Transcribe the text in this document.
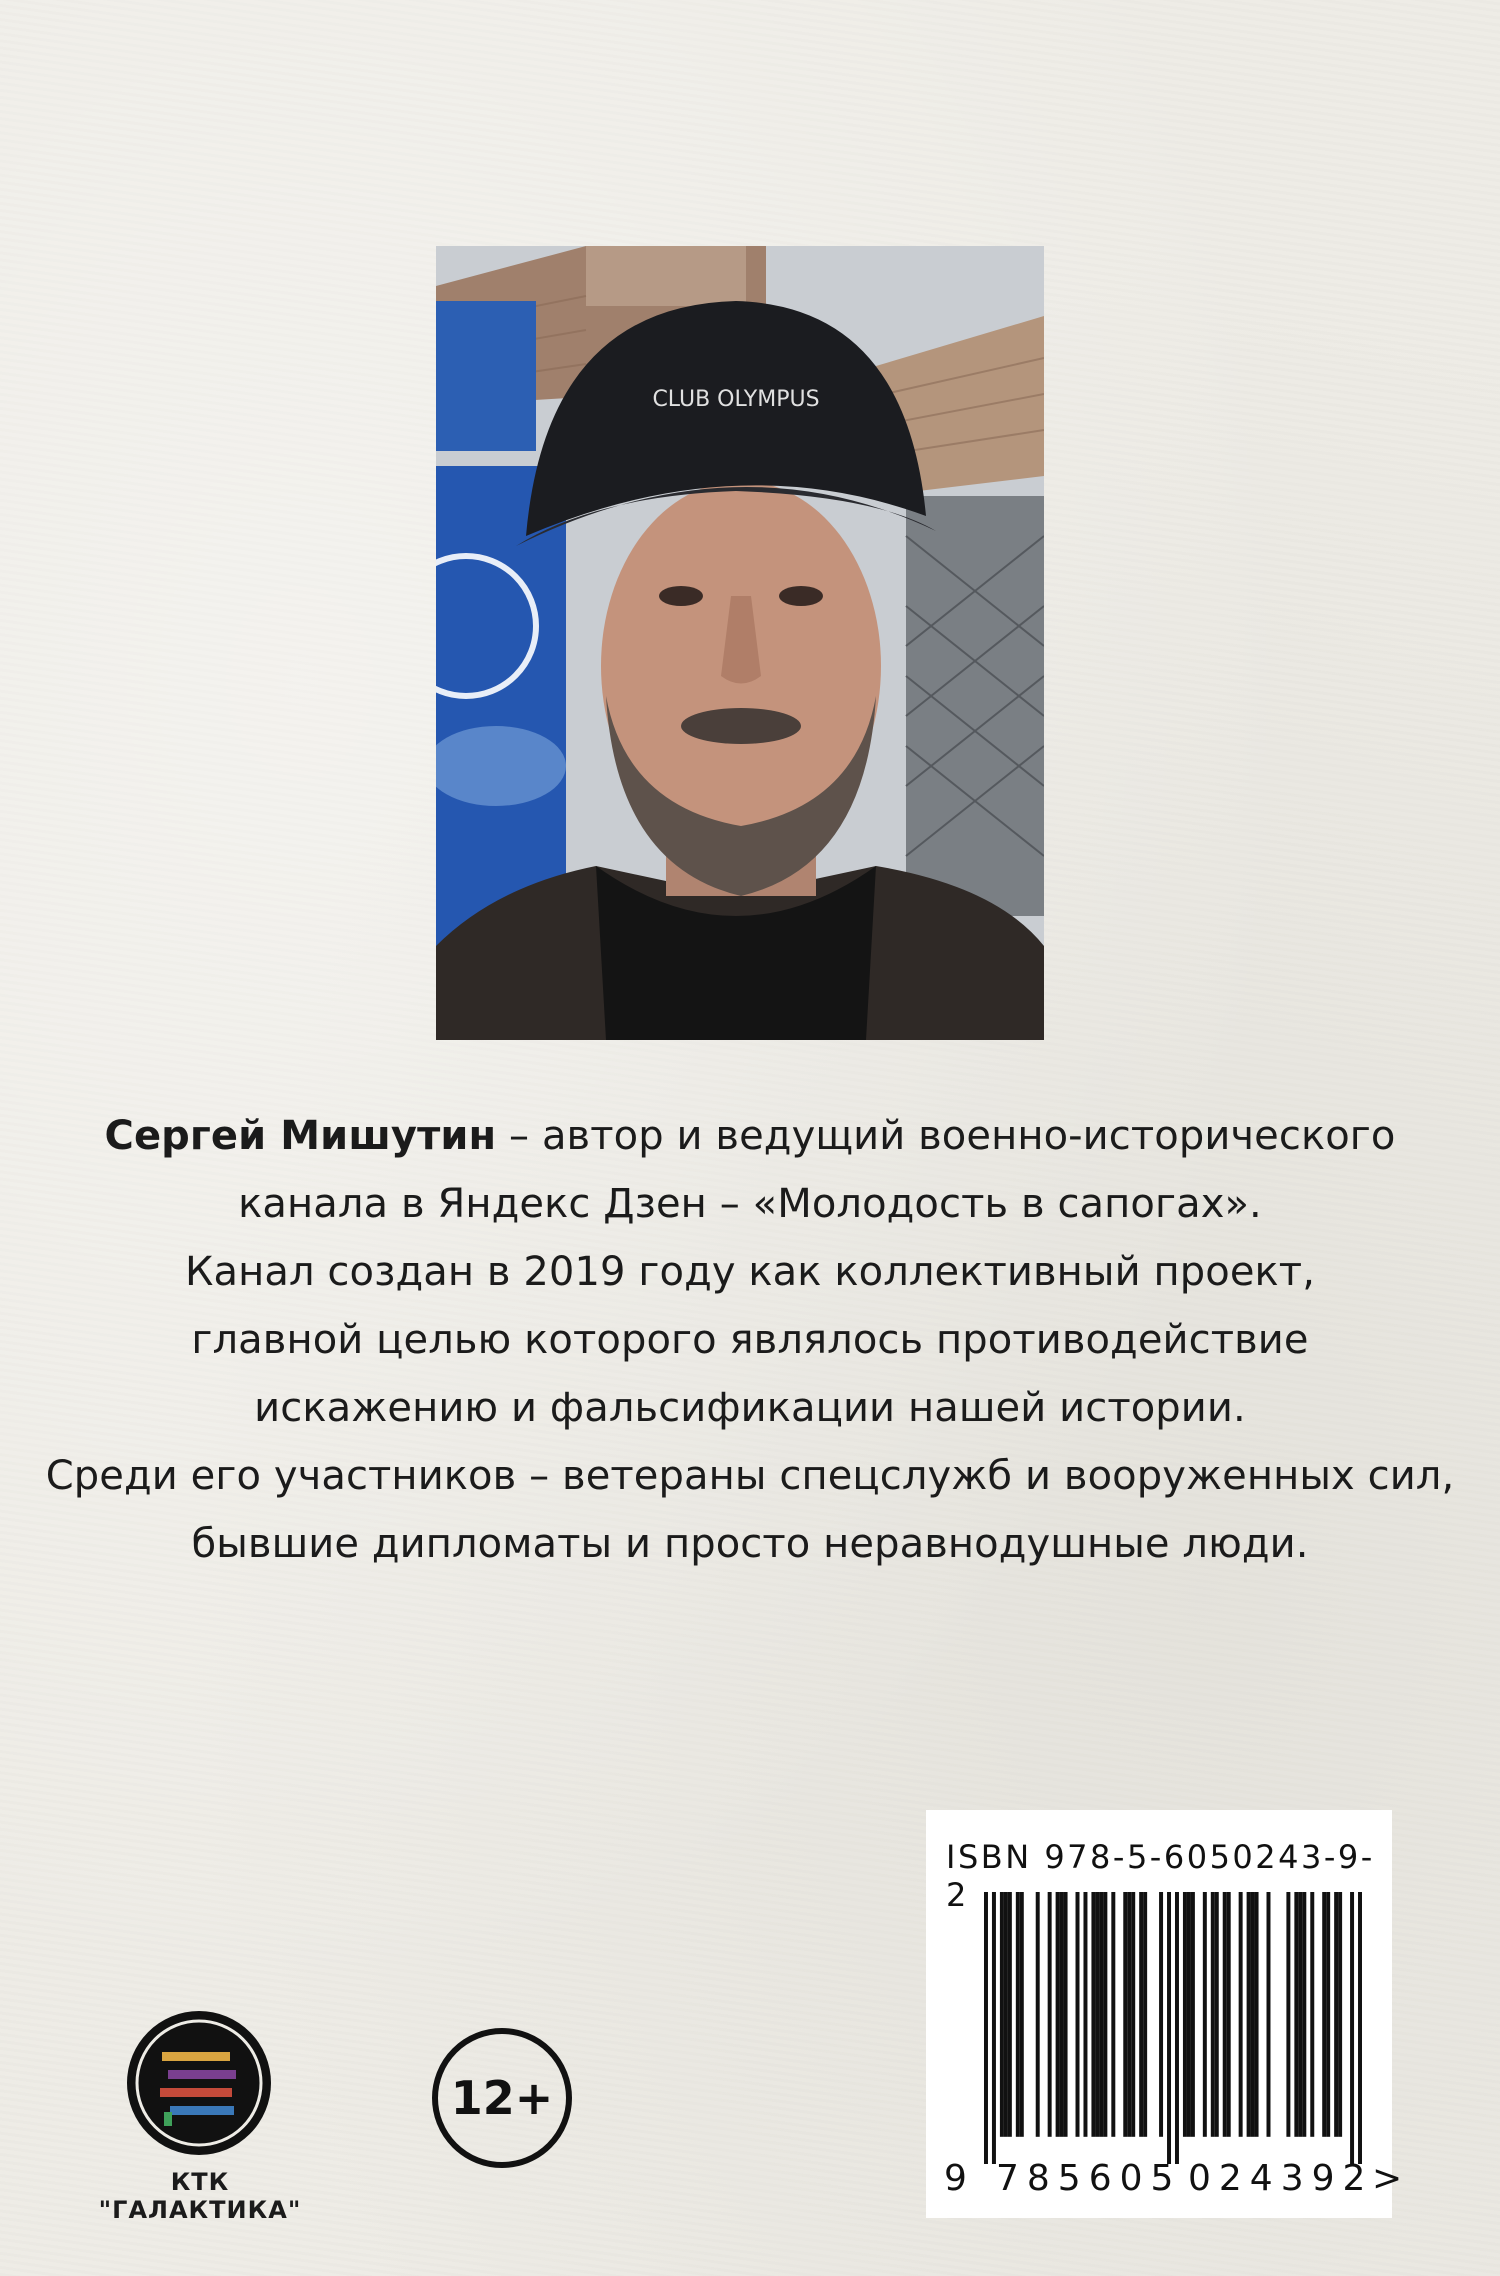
CLUB OLYMPUS

Сергей Мишутин – автор и ведущий военно-исторического

канала в Яндекс Дзен – «Молодость в сапогах».

Канал создан в 2019 году как коллективный проект,

главной целью которого являлось противодействие

искажению и фальсификации нашей истории.

Среди его участников – ветераны спецслужб и вооруженных сил,

бывшие дипломаты и просто неравнодушные люди.

ISBN 978-5-6050243-9-2
9 785605 024392
>
КТК "ГАЛАКТИКА"
12+
